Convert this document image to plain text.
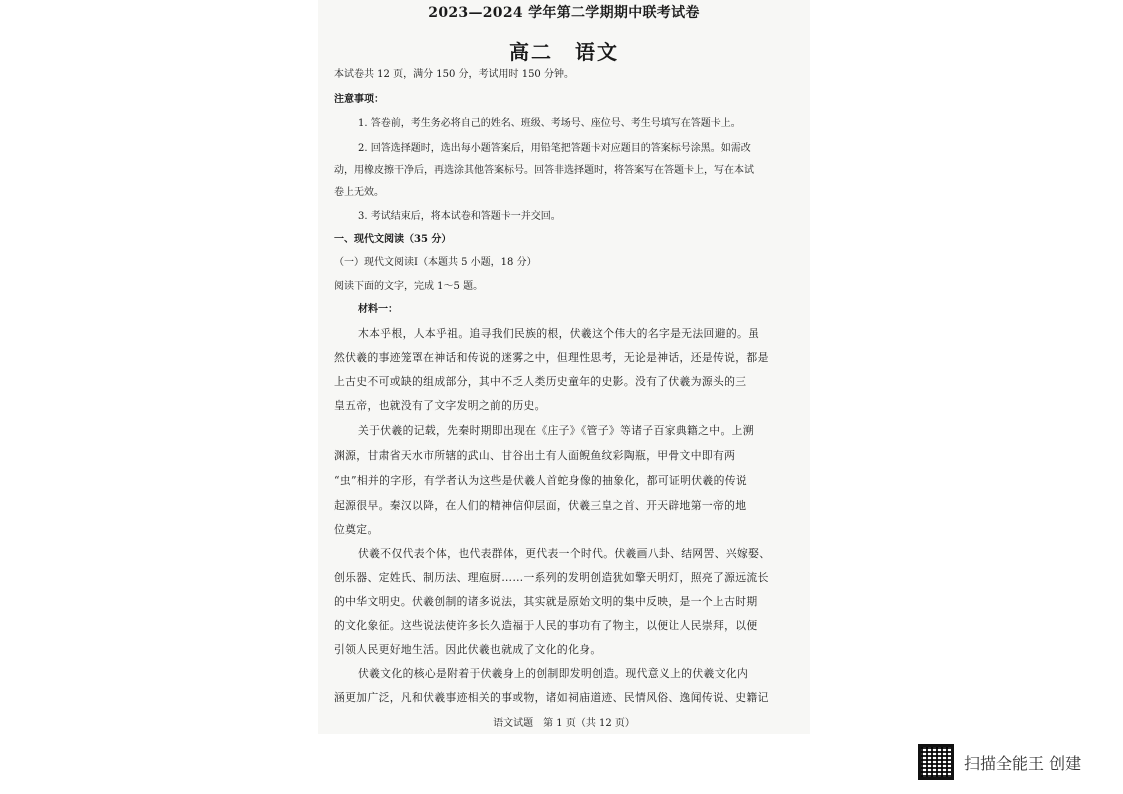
2023—2024 学年第二学期期中联考试卷
高二　语文
本试卷共 12 页，满分 150 分，考试用时 150 分钟。
注意事项：
1. 答卷前，考生务必将自己的姓名、班级、考场号、座位号、考生号填写在答题卡上。
2. 回答选择题时，选出每小题答案后，用铅笔把答题卡对应题目的答案标号涂黑。如需改
动，用橡皮擦干净后，再选涂其他答案标号。回答非选择题时，将答案写在答题卡上，写在本试
卷上无效。
3. 考试结束后，将本试卷和答题卡一并交回。
一、现代文阅读（35 分）
（一）现代文阅读Ⅰ（本题共 5 小题，18 分）
阅读下面的文字，完成 1～5 题。
材料一：
木本乎根，人本乎祖。追寻我们民族的根，伏羲这个伟大的名字是无法回避的。虽
然伏羲的事迹笼罩在神话和传说的迷雾之中，但理性思考，无论是神话，还是传说，都是
上古史不可或缺的组成部分，其中不乏人类历史童年的史影。没有了伏羲为源头的三
皇五帝，也就没有了文字发明之前的历史。
关于伏羲的记载，先秦时期即出现在《庄子》《管子》等诸子百家典籍之中。上溯
渊源，甘肃省天水市所辖的武山、甘谷出土有人面鲵鱼纹彩陶瓶，甲骨文中即有两
“虫”相并的字形，有学者认为这些是伏羲人首蛇身像的抽象化，都可证明伏羲的传说
起源很早。秦汉以降，在人们的精神信仰层面，伏羲三皇之首、开天辟地第一帝的地
位奠定。
伏羲不仅代表个体，也代表群体，更代表一个时代。伏羲画八卦、结网罟、兴嫁娶、
创乐器、定姓氏、制历法、理庖厨……一系列的发明创造犹如擎天明灯，照亮了源远流长
的中华文明史。伏羲创制的诸多说法，其实就是原始文明的集中反映，是一个上古时期
的文化象征。这些说法使许多长久造福于人民的事功有了物主，以便让人民崇拜，以便
引领人民更好地生活。因此伏羲也就成了文化的化身。
伏羲文化的核心是附着于伏羲身上的创制即发明创造。现代意义上的伏羲文化内
涵更加广泛，凡和伏羲事迹相关的事或物，诸如祠庙道迹、民情风俗、逸闻传说、史籍记
语文试题　第 1 页（共 12 页）
扫描全能王 创建
